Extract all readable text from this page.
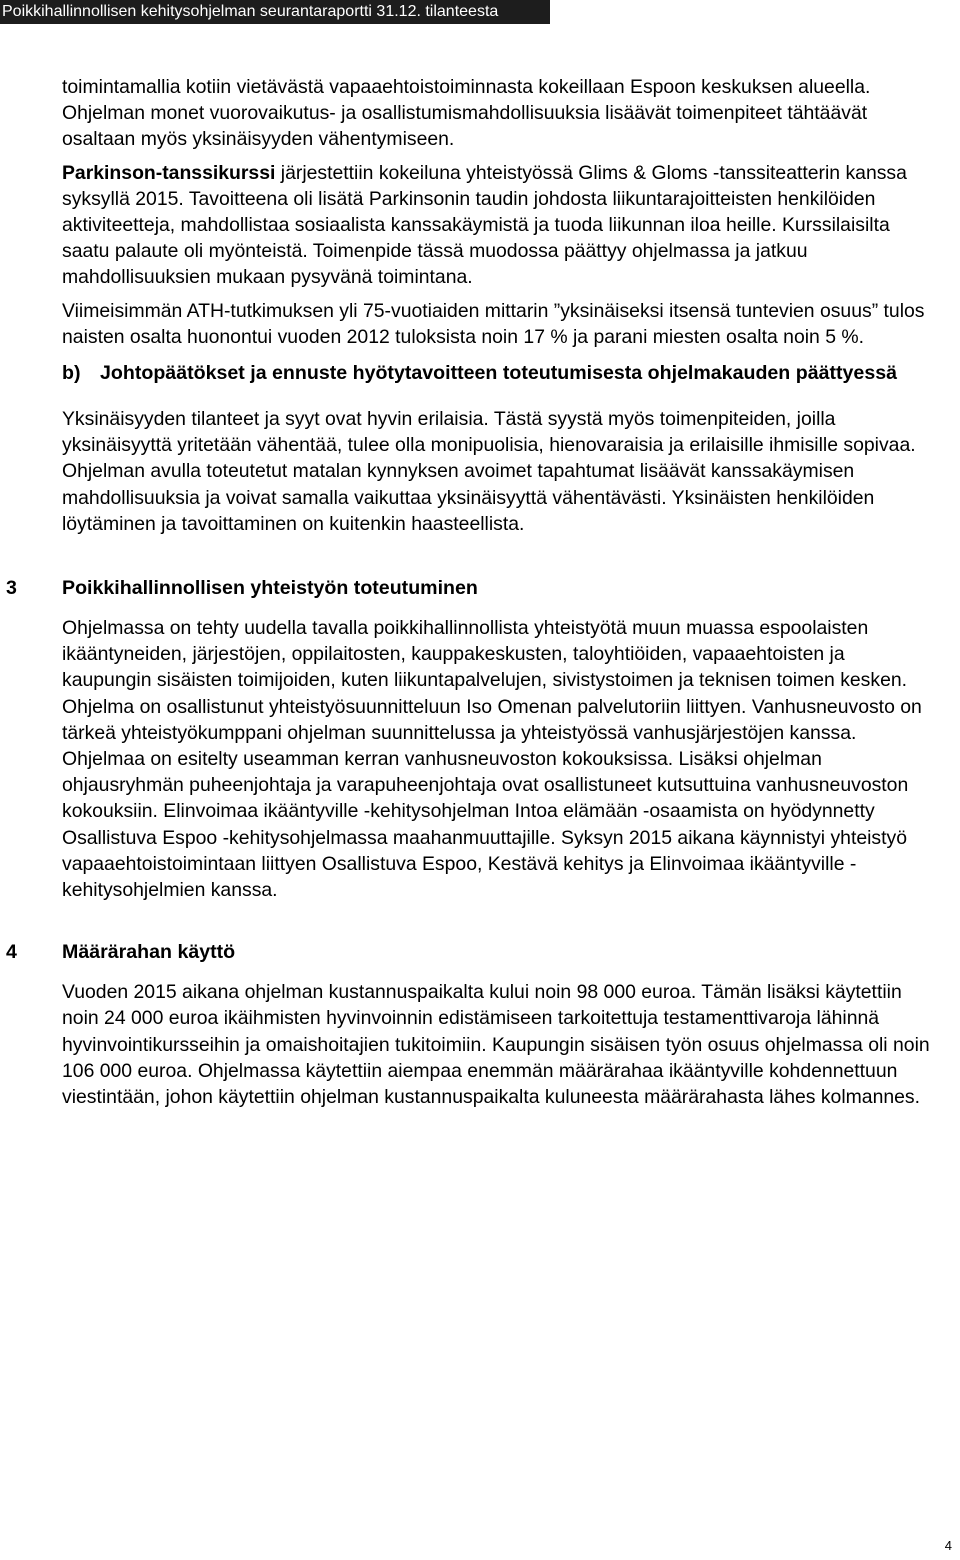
Poikkihallinnollisen kehitysohjelman seurantaraportti 31.12. tilanteesta

toimintamallia kotiin vietävästä vapaaehtoistoiminnasta kokeillaan Espoon keskuksen alueella. Ohjelman monet vuorovaikutus- ja osallistumismahdollisuuksia lisäävät toimenpiteet tähtäävät osaltaan myös yksinäisyyden vähentymiseen.

Parkinson-tanssikurssi järjestettiin kokeiluna yhteistyössä Glims & Gloms -tanssiteatterin kanssa syksyllä 2015. Tavoitteena oli lisätä Parkinsonin taudin johdosta liikuntarajoitteisten henkilöiden aktiviteetteja, mahdollistaa sosiaalista kanssakäymistä ja tuoda liikunnan iloa heille. Kurssilaisilta saatu palaute oli myönteistä. Toimenpide tässä muodossa päättyy ohjelmassa ja jatkuu mahdollisuuksien mukaan pysyvänä toimintana.

Viimeisimmän ATH-tutkimuksen yli 75-vuotiaiden mittarin ”yksinäiseksi itsensä tuntevien osuus” tulos naisten osalta huonontui vuoden 2012 tuloksista noin 17 % ja parani miesten osalta noin 5 %.

b) Johtopäätökset ja ennuste hyötytavoitteen toteutumisesta ohjelmakauden päättyessä

Yksinäisyyden tilanteet ja syyt ovat hyvin erilaisia. Tästä syystä myös toimenpiteiden, joilla yksinäisyyttä yritetään vähentää, tulee olla monipuolisia, hienovaraisia ja erilaisille ihmisille sopivaa. Ohjelman avulla toteutetut matalan kynnyksen avoimet tapahtumat lisäävät kanssakäymisen mahdollisuuksia ja voivat samalla vaikuttaa yksinäisyyttä vähentävästi. Yksinäisten henkilöiden löytäminen ja tavoittaminen on kuitenkin haasteellista.

3 Poikkihallinnollisen yhteistyön toteutuminen

Ohjelmassa on tehty uudella tavalla poikkihallinnollista yhteistyötä muun muassa espoolaisten ikääntyneiden, järjestöjen, oppilaitosten, kauppakeskusten, taloyhtiöiden, vapaaehtoisten ja kaupungin sisäisten toimijoiden, kuten liikuntapalvelujen, sivistystoimen ja teknisen toimen kesken. Ohjelma on osallistunut yhteistyösuunnitteluun Iso Omenan palvelutoriin liittyen. Vanhusneuvosto on tärkeä yhteistyökumppani ohjelman suunnittelussa ja yhteistyössä vanhusjärjestöjen kanssa. Ohjelmaa on esitelty useamman kerran vanhusneuvoston kokouksissa. Lisäksi ohjelman ohjausryhmän puheenjohtaja ja varapuheenjohtaja ovat osallistuneet kutsuttuina vanhusneuvoston kokouksiin. Elinvoimaa ikääntyville -kehitysohjelman Intoa elämään -osaamista on hyödynnetty Osallistuva Espoo -kehitysohjelmassa maahanmuuttajille. Syksyn 2015 aikana käynnistyi yhteistyö vapaaehtoistoimintaan liittyen Osallistuva Espoo, Kestävä kehitys ja Elinvoimaa ikääntyville -kehitysohjelmien kanssa.

4 Määrärahan käyttö

Vuoden 2015 aikana ohjelman kustannuspaikalta kului noin 98 000 euroa. Tämän lisäksi käytettiin noin 24 000 euroa ikäihmisten hyvinvoinnin edistämiseen tarkoitettuja testamenttivaroja lähinnä hyvinvointikursseihin ja omaishoitajien tukitoimiin. Kaupungin sisäisen työn osuus ohjelmassa oli noin 106 000 euroa. Ohjelmassa käytettiin aiempaa enemmän määrärahaa ikääntyville kohdennettuun viestintään, johon käytettiin ohjelman kustannuspaikalta kuluneesta määrärahasta lähes kolmannes.

4
